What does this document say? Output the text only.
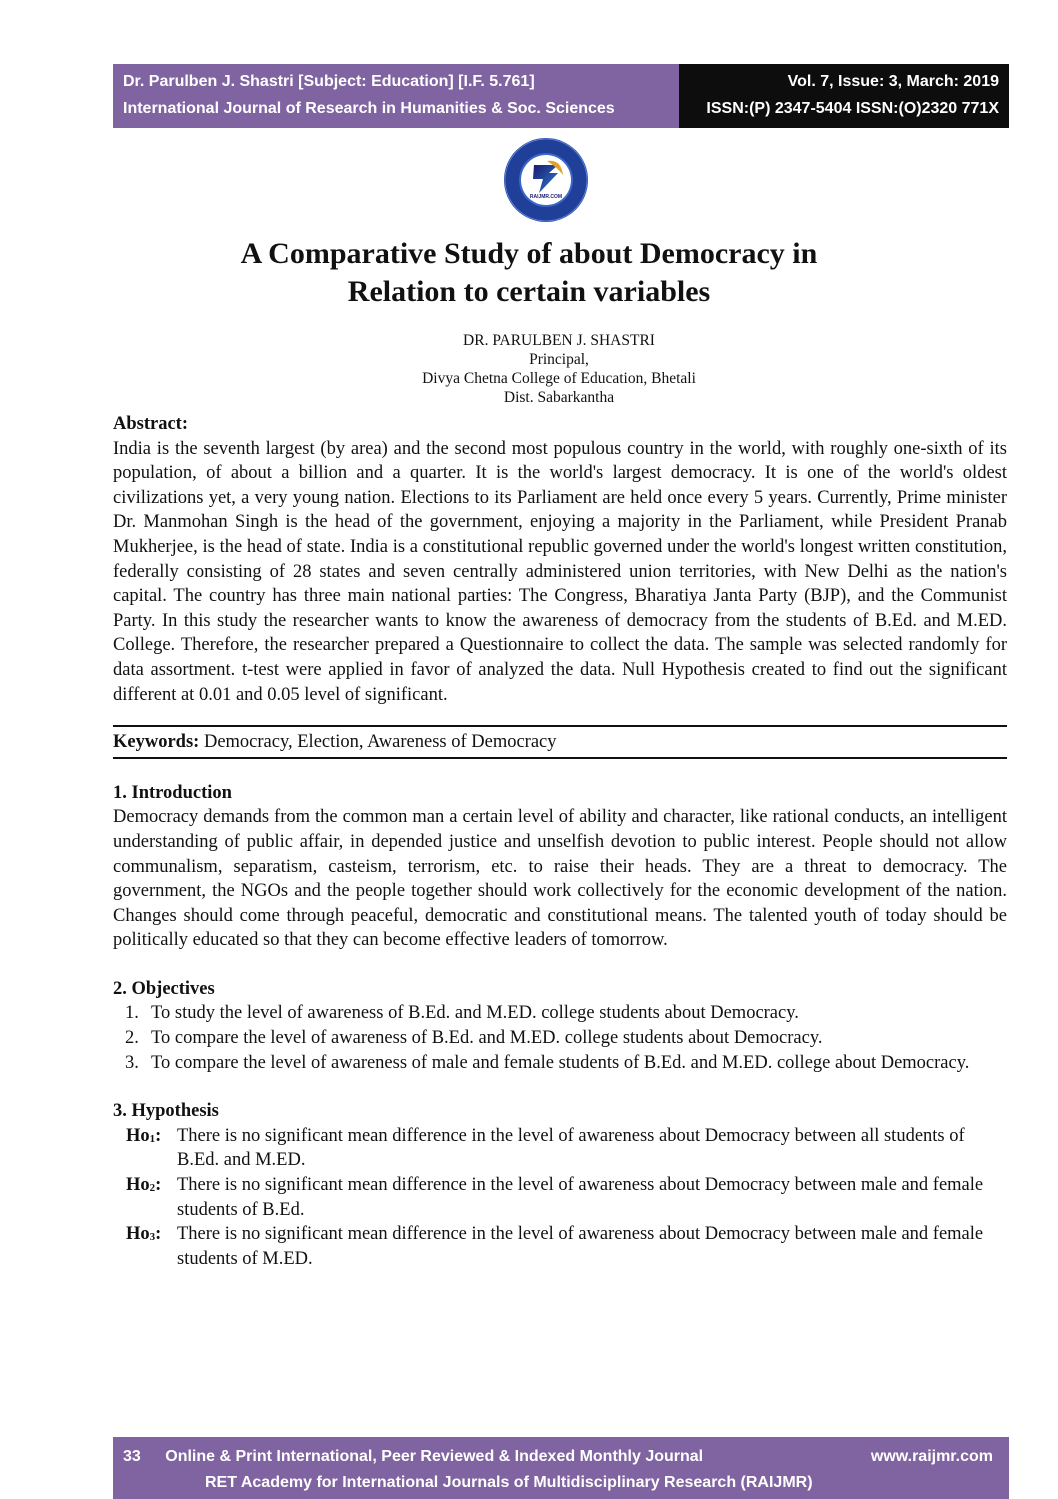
Dr. Parulben J. Shastri [Subject: Education] [I.F. 5.761]
International Journal of Research in Humanities & Soc. Sciences
Vol. 7, Issue: 3, March: 2019
ISSN:(P) 2347-5404 ISSN:(O)2320 771X
RAIJMR.COM
A Comparative Study of about Democracy in
Relation to certain variables
DR. PARULBEN J. SHASTRI
Principal,
Divya Chetna College of Education, Bhetali
Dist. Sabarkantha
Abstract:
India is the seventh largest (by area) and the second most populous country in the world, with roughly one-sixth of its population, of about a billion and a quarter. It is the world's largest democracy. It is one of the world's oldest civilizations yet, a very young nation. Elections to its Parliament are held once every 5 years. Currently, Prime minister Dr. Manmohan Singh is the head of the government, enjoying a majority in the Parliament, while President Pranab Mukherjee, is the head of state. India is a constitutional republic governed under the world's longest written constitution, federally consisting of 28 states and seven centrally administered union territories, with New Delhi as the nation's capital. The country has three main national parties: The Congress, Bharatiya Janta Party (BJP), and the Communist Party. In this study the researcher wants to know the awareness of democracy from the students of B.Ed. and M.ED. College. Therefore, the researcher prepared a Questionnaire to collect the data. The sample was selected randomly for data assortment. t-test were applied in favor of analyzed the data. Null Hypothesis created to find out the significant different at 0.01 and 0.05 level of significant.
Keywords: Democracy, Election, Awareness of Democracy
1. Introduction
Democracy demands from the common man a certain level of ability and character, like rational conducts, an intelligent understanding of public affair, in depended justice and unselfish devotion to public interest. People should not allow communalism, separatism, casteism, terrorism, etc. to raise their heads. They are a threat to democracy. The government, the NGOs and the people together should work collectively for the economic development of the nation. Changes should come through peaceful, democratic and constitutional means. The talented youth of today should be politically educated so that they can become effective leaders of tomorrow.
2. Objectives
1. To study the level of awareness of B.Ed. and M.ED. college students about Democracy.
2. To compare the level of awareness of B.Ed. and M.ED. college students about Democracy.
3. To compare the level of awareness of male and female students of B.Ed. and M.ED. college about Democracy.
3. Hypothesis
$Ho_1$: There is no significant mean difference in the level of awareness about Democracy between all students of B.Ed. and M.ED.
$Ho_2$: There is no significant mean difference in the level of awareness about Democracy between male and female students of B.Ed.
$Ho_3$: There is no significant mean difference in the level of awareness about Democracy between male and female students of M.ED.
33 Online & Print International, Peer Reviewed & Indexed Monthly Journal
RET Academy for International Journals of Multidisciplinary Research (RAIJMR)
www.raijmr.com
